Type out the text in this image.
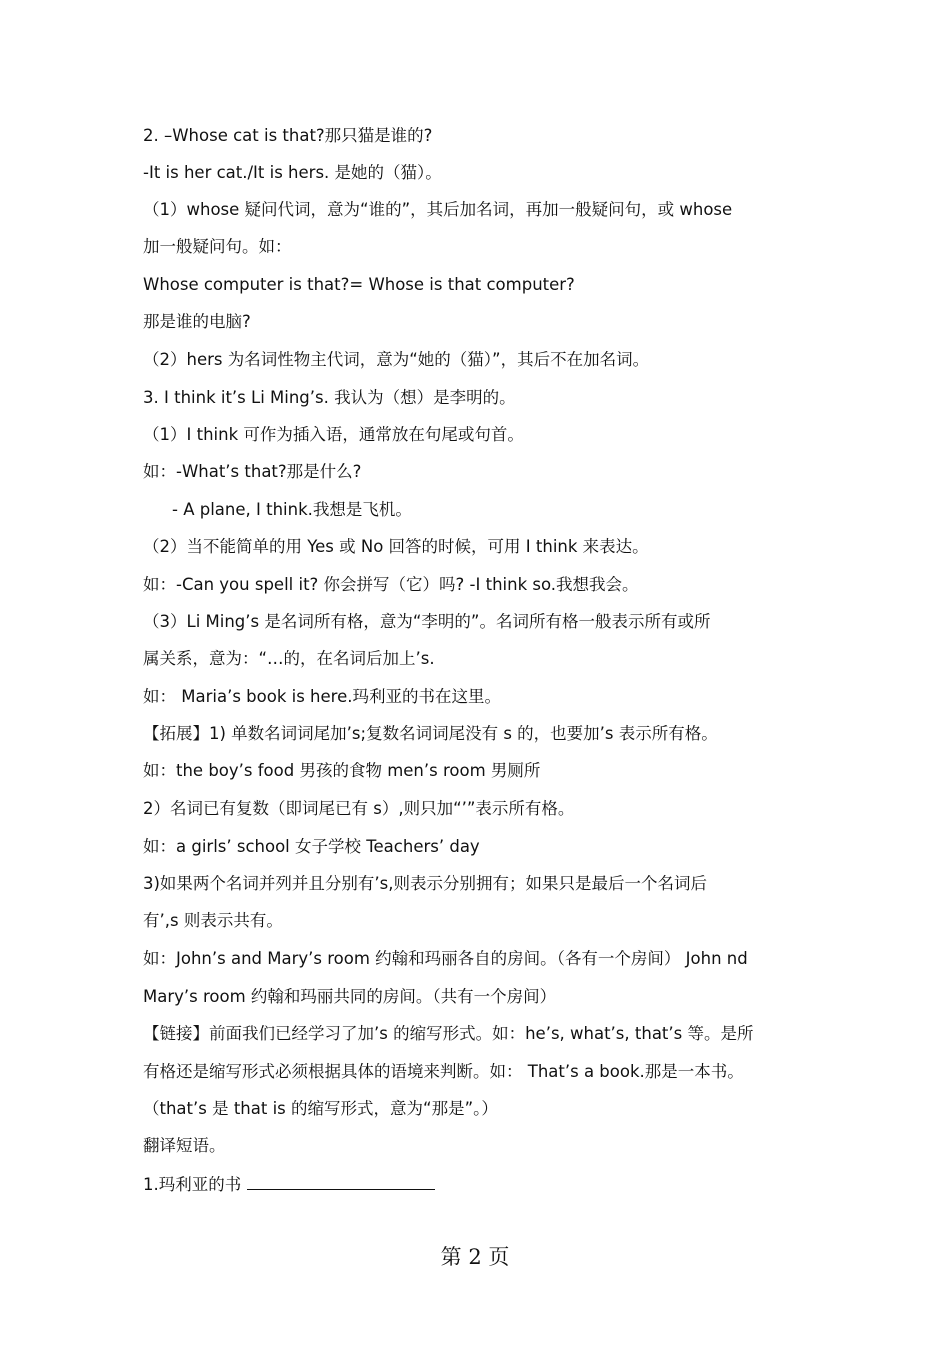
2. –Whose cat is that?那只猫是谁的?
-It is her cat./It is hers. 是她的（猫）。
（1）whose 疑问代词，意为“谁的”，其后加名词，再加一般疑问句，或 whose
加一般疑问句。如：
Whose computer is that?= Whose is that computer?
那是谁的电脑?
（2）hers 为名词性物主代词，意为“她的（猫）”，其后不在加名词。
3. I think it’s Li Ming’s. 我认为（想）是李明的。
（1）I think 可作为插入语，通常放在句尾或句首。
如：-What’s that?那是什么?
- A plane, I think.我想是飞机。
（2）当不能简单的用 Yes 或 No 回答的时候，可用 I think 来表达。
如：-Can you spell it? 你会拼写（它）吗? -I think so.我想我会。
（3）Li Ming’s 是名词所有格，意为“李明的”。名词所有格一般表示所有或所
属关系，意为：“…的，在名词后加上’s.
如： Maria’s book is here.玛利亚的书在这里。
【拓展】1) 单数名词词尾加’s;复数名词词尾没有 s 的，也要加’s 表示所有格。
如：the boy’s food 男孩的食物 men’s room 男厕所
2）名词已有复数（即词尾已有 s）,则只加“’”表示所有格。
如：a girls’ school 女子学校 Teachers’ day
3)如果两个名词并列并且分别有’s,则表示分别拥有；如果只是最后一个名词后
有’,s 则表示共有。
如：John’s and Mary’s room 约翰和玛丽各自的房间。（各有一个房间） John nd
Mary’s room 约翰和玛丽共同的房间。（共有一个房间）
【链接】前面我们已经学习了加’s 的缩写形式。如：he’s, what’s, that’s 等。是所
有格还是缩写形式必须根据具体的语境来判断。如： That’s a book.那是一本书。
（that’s 是 that is 的缩写形式，意为“那是”。）
翻译短语。
1.玛利亚的书
第 2 页
